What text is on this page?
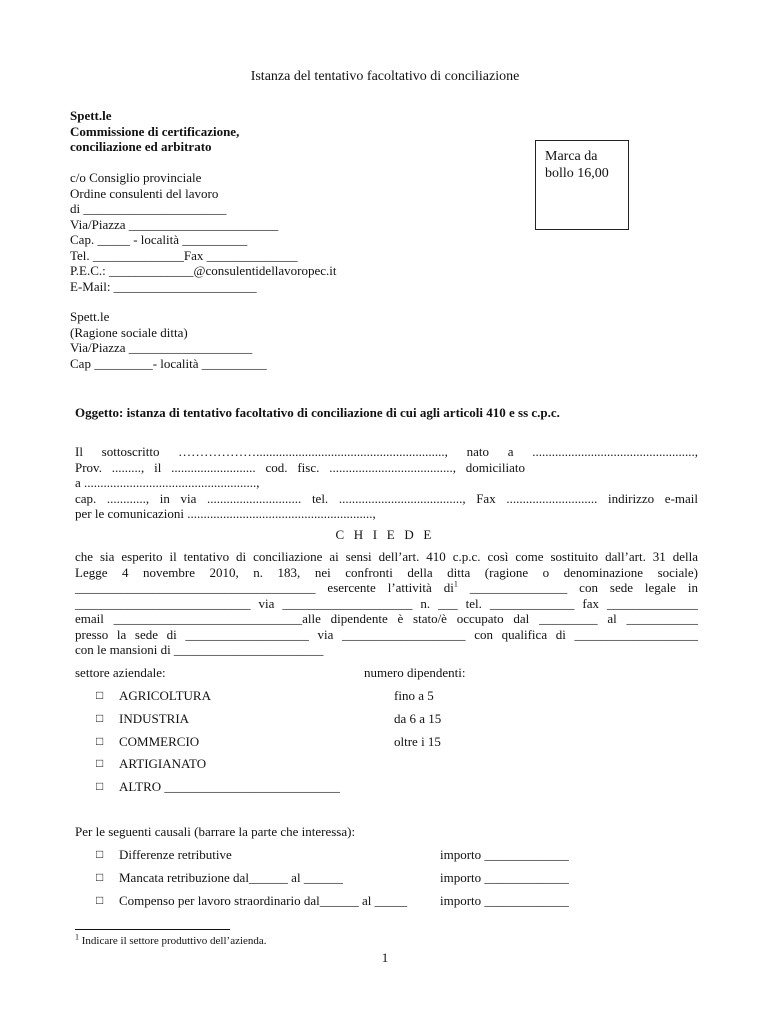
Istanza del tentativo facoltativo di conciliazione
Spett.le
Commissione di certificazione,
conciliazione ed arbitrato
c/o Consiglio provinciale
Ordine consulenti del lavoro
di ______________________
Via/Piazza _______________________
Cap. _____ - località __________
Tel. ______________Fax ______________
P.E.C.: _____________@consulentidellavoropec.it
E-Mail: ______________________
Marca da
bollo 16,00
Spett.le
(Ragione sociale ditta)
Via/Piazza ___________________
Cap _________- località __________
Oggetto: istanza di tentativo facoltativo di conciliazione di cui agli articoli 410 e ss c.p.c.
Il sottoscritto ……………….........................................................., nato a ..................................................,
Prov. ........., il .......................... cod. fisc. ......................................, domiciliato
a .....................................................,
cap. ............, in via ............................. tel. ......................................, Fax ............................ indirizzo e-mail
per le comunicazioni .........................................................,
C H I E D E
che sia esperito il tentativo di conciliazione ai sensi dell’art. 410 c.p.c. così come sostituito dall’art. 31 della
Legge 4 novembre 2010, n. 183, nei confronti della ditta (ragione o denominazione sociale)
_____________________________________ esercente l’attività $di^1$ _______________ con sede legale in
___________________________ via ____________________ n. ___ tel. _____________ fax ______________
email _____________________________alle dipendente è stato/è occupato dal _________ al ___________
presso la sede di ___________________ via ___________________ con qualifica di ___________________
con le mansioni di _______________________
settore aziendale:	numero dipendenti:
□ AGRICOLTURA	fino a 5
□ INDUSTRIA	da 6 a 15
□ COMMERCIO	oltre i 15
□ ARTIGIANATO
□ ALTRO ___________________________
Per le seguenti causali (barrare la parte che interessa):
□ Differenze retributive	importo _____________
□ Mancata retribuzione dal______ al ______	importo _____________
□ Compenso per lavoro straordinario dal______ al _____	importo _____________
$^1$ Indicare il settore produttivo dell’azienda.
1
